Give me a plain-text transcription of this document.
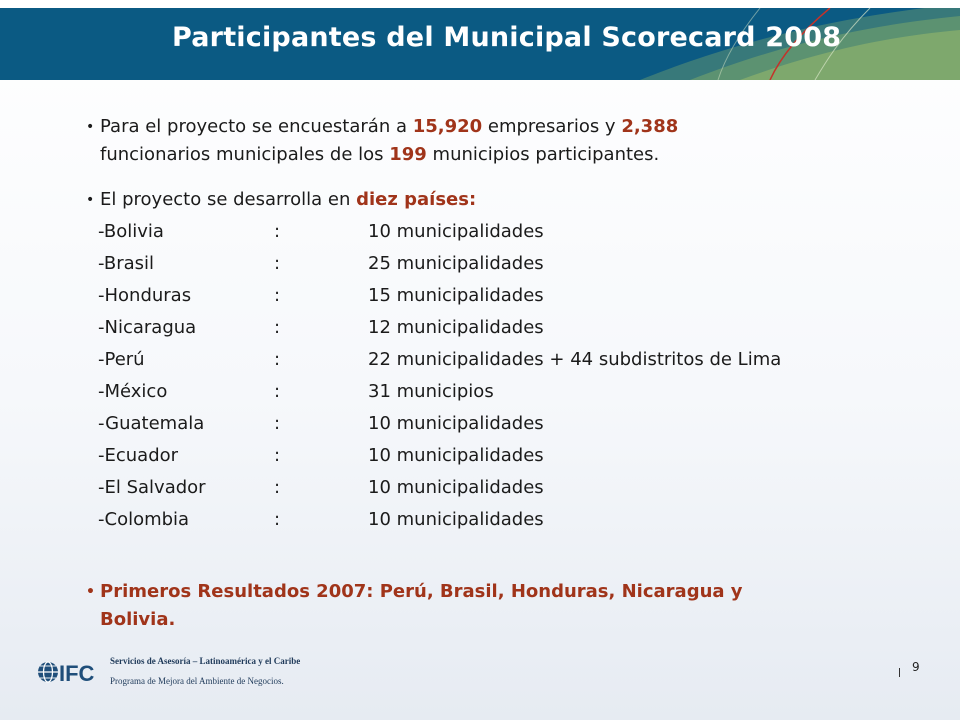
Participantes del Municipal Scorecard 2008
• Para el proyecto se encuestarán a 15,920 empresarios y 2,388
funcionarios municipales de los 199 municipios participantes.
• El proyecto se desarrolla en diez países:
-Bolivia	:	10 municipalidades
-Brasil	:	25 municipalidades
-Honduras	:	15 municipalidades
-Nicaragua	:	12 municipalidades
-Perú	:	22 municipalidades + 44 subdistritos de Lima
-México	:	31 municipios
-Guatemala	:	10 municipalidades
-Ecuador	:	10 municipalidades
-El Salvador	:	10 municipalidades
-Colombia	:	10 municipalidades
• Primeros Resultados 2007: Perú, Brasil, Honduras, Nicaragua y
Bolivia.
IFC Servicios de Asesoría – Latinoamérica y el Caribe
Programa de Mejora del Ambiente de Negocios.
9
